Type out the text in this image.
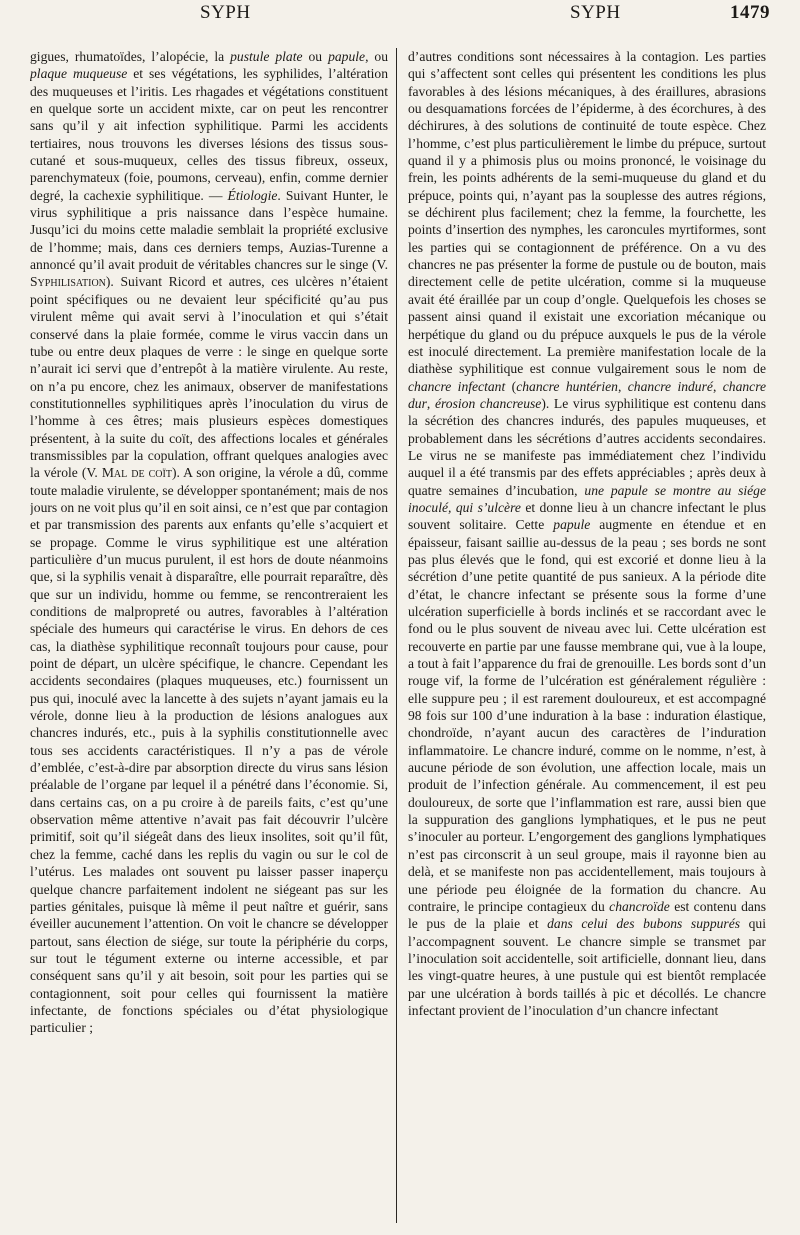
SYPH	SYPH	1479

gigues, rhumatoïdes, l’alopécie, la pustule plate ou papule, ou plaque muqueuse et ses végétations, les syphilides, l’altération des muqueuses et l’iritis. Les rhagades et végétations constituent en quelque sorte un accident mixte, car on peut les rencontrer sans qu’il y ait infection syphilitique. Parmi les accidents tertiaires, nous trouvons les diverses lésions des tissus sous-cutané et sous-muqueux, celles des tissus fibreux, osseux, parenchymateux (foie, poumons, cerveau), enfin, comme dernier degré, la cachexie syphilitique. — Étiologie. Suivant Hunter, le virus syphilitique a pris naissance dans l’espèce humaine. Jusqu’ici du moins cette maladie semblait la propriété exclusive de l’homme; mais, dans ces derniers temps, Auzias-Turenne a annoncé qu’il avait produit de véritables chancres sur le singe (V. Syphilisation). Suivant Ricord et autres, ces ulcères n’étaient point spécifiques ou ne devaient leur spécificité qu’au pus virulent même qui avait servi à l’inoculation et qui s’était conservé dans la plaie formée, comme le virus vaccin dans un tube ou entre deux plaques de verre : le singe en quelque sorte n’aurait ici servi que d’entrepôt à la matière virulente. Au reste, on n’a pu encore, chez les animaux, observer de manifestations constitutionnelles syphilitiques après l’inoculation du virus de l’homme à ces êtres; mais plusieurs espèces domestiques présentent, à la suite du coït, des affections locales et générales transmissibles par la copulation, offrant quelques analogies avec la vérole (V. Mal de coït). A son origine, la vérole a dû, comme toute maladie virulente, se développer spontanément; mais de nos jours on ne voit plus qu’il en soit ainsi, ce n’est que par contagion et par transmission des parents aux enfants qu’elle s’acquiert et se propage. Comme le virus syphilitique est une altération particulière d’un mucus purulent, il est hors de doute néanmoins que, si la syphilis venait à disparaître, elle pourrait reparaître, dès que sur un individu, homme ou femme, se rencontreraient les conditions de malpropreté ou autres, favorables à l’altération spéciale des humeurs qui caractérise le virus. En dehors de ces cas, la diathèse syphilitique reconnaît toujours pour cause, pour point de départ, un ulcère spécifique, le chancre. Cependant les accidents secondaires (plaques muqueuses, etc.) fournissent un pus qui, inoculé avec la lancette à des sujets n’ayant jamais eu la vérole, donne lieu à la production de lésions analogues aux chancres indurés, etc., puis à la syphilis constitutionnelle avec tous ses accidents caractéristiques. Il n’y a pas de vérole d’emblée, c’est-à-dire par absorption directe du virus sans lésion préalable de l’organe par lequel il a pénétré dans l’économie. Si, dans certains cas, on a pu croire à de pareils faits, c’est qu’une observation même attentive n’avait pas fait découvrir l’ulcère primitif, soit qu’il siégeât dans des lieux insolites, soit qu’il fût, chez la femme, caché dans les replis du vagin ou sur le col de l’utérus. Les malades ont souvent pu laisser passer inaperçu quelque chancre parfaitement indolent ne siégeant pas sur les parties génitales, puisque là même il peut naître et guérir, sans éveiller aucunement l’attention. On voit le chancre se développer partout, sans élection de siége, sur toute la périphérie du corps, sur tout le tégument externe ou interne accessible, et par conséquent sans qu’il y ait besoin, soit pour les parties qui se contagionnent, soit pour celles qui fournissent la matière infectante, de fonctions spéciales ou d’état physiologique particulier ;

d’autres conditions sont nécessaires à la contagion. Les parties qui s’affectent sont celles qui présentent les conditions les plus favorables à des lésions mécaniques, à des éraillures, abrasions ou desquamations forcées de l’épiderme, à des écorchures, à des déchirures, à des solutions de continuité de toute espèce. Chez l’homme, c’est plus particulièrement le limbe du prépuce, surtout quand il y a phimosis plus ou moins prononcé, le voisinage du frein, les points adhérents de la semi-muqueuse du gland et du prépuce, points qui, n’ayant pas la souplesse des autres régions, se déchirent plus facilement; chez la femme, la fourchette, les points d’insertion des nymphes, les caroncules myrtiformes, sont les parties qui se contagionnent de préférence. On a vu des chancres ne pas présenter la forme de pustule ou de bouton, mais directement celle de petite ulcération, comme si la muqueuse avait été éraillée par un coup d’ongle. Quelquefois les choses se passent ainsi quand il existait une excoriation mécanique ou herpétique du gland ou du prépuce auxquels le pus de la vérole est inoculé directement. La première manifestation locale de la diathèse syphilitique est connue vulgairement sous le nom de chancre infectant (chancre huntérien, chancre induré, chancre dur, érosion chancreuse). Le virus syphilitique est contenu dans la sécrétion des chancres indurés, des papules muqueuses, et probablement dans les sécrétions d’autres accidents secondaires. Le virus ne se manifeste pas immédiatement chez l’individu auquel il a été transmis par des effets appréciables ; après deux à quatre semaines d’incubation, une papule se montre au siége inoculé, qui s’ulcère et donne lieu à un chancre infectant le plus souvent solitaire. Cette papule augmente en étendue et en épaisseur, faisant saillie au-dessus de la peau ; ses bords ne sont pas plus élevés que le fond, qui est excorié et donne lieu à la sécrétion d’une petite quantité de pus sanieux. A la période dite d’état, le chancre infectant se présente sous la forme d’une ulcération superficielle à bords inclinés et se raccordant avec le fond ou le plus souvent de niveau avec lui. Cette ulcération est recouverte en partie par une fausse membrane qui, vue à la loupe, a tout à fait l’apparence du frai de grenouille. Les bords sont d’un rouge vif, la forme de l’ulcération est généralement régulière : elle suppure peu ; il est rarement douloureux, et est accompagné 98 fois sur 100 d’une induration à la base : induration élastique, chondroïde, n’ayant aucun des caractères de l’induration inflammatoire. Le chancre induré, comme on le nomme, n’est, à aucune période de son évolution, une affection locale, mais un produit de l’infection générale. Au commencement, il est peu douloureux, de sorte que l’inflammation est rare, aussi bien que la suppuration des ganglions lymphatiques, et le pus ne peut s’inoculer au porteur. L’engorgement des ganglions lymphatiques n’est pas circonscrit à un seul groupe, mais il rayonne bien au delà, et se manifeste non pas accidentellement, mais toujours à une période peu éloignée de la formation du chancre. Au contraire, le principe contagieux du chancroïde est contenu dans le pus de la plaie et dans celui des bubons suppurés qui l’accompagnent souvent. Le chancre simple se transmet par l’inoculation soit accidentelle, soit artificielle, donnant lieu, dans les vingt-quatre heures, à une pustule qui est bientôt remplacée par une ulcération à bords taillés à pic et décollés. Le chancre infectant provient de l’inoculation d’un chancre infectant
